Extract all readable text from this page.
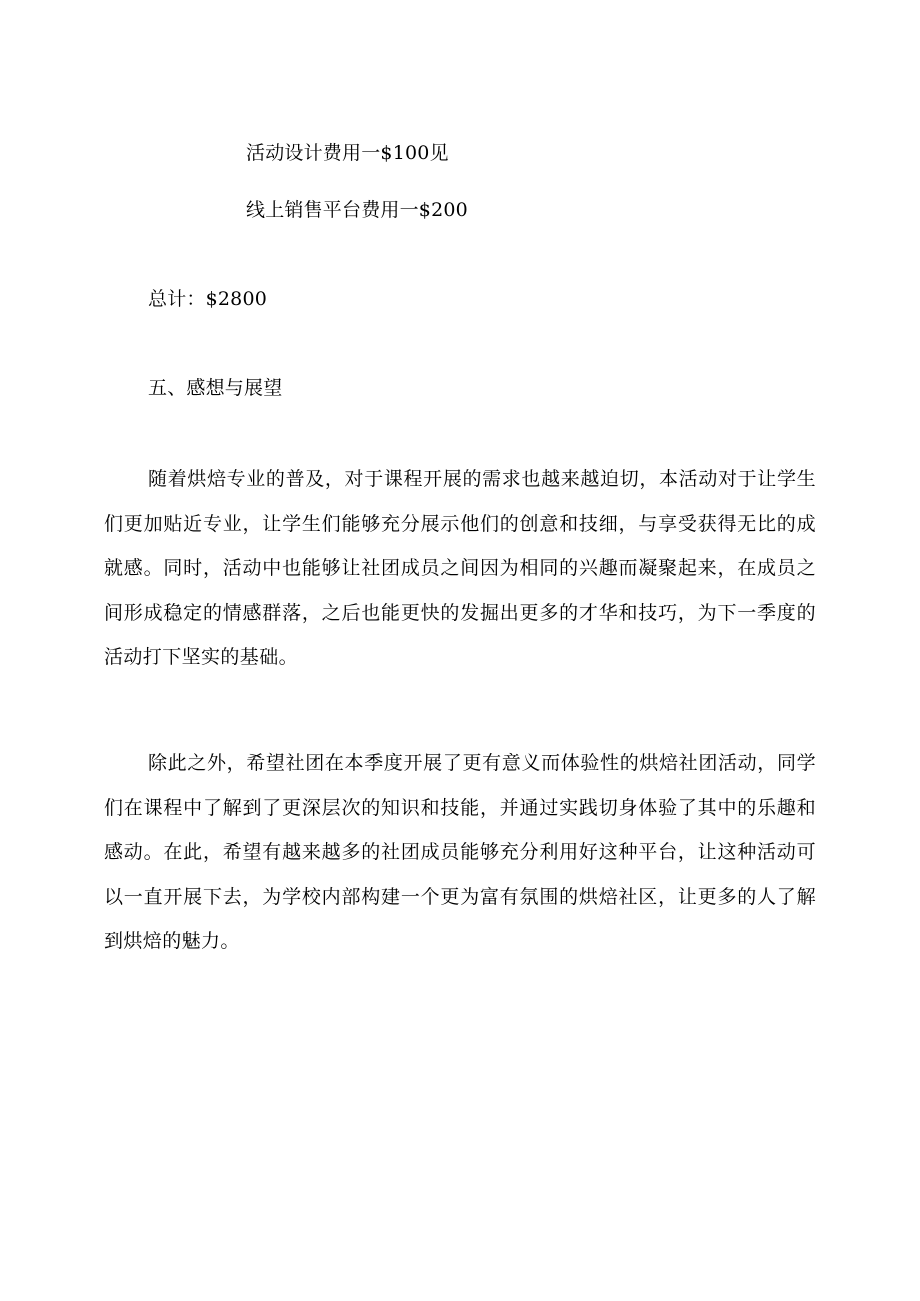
活动设计费用一$100见
线上销售平台费用一$200
总计：$2800
五、感想与展望
随着烘焙专业的普及，对于课程开展的需求也越来越迫切，本活动对于让学生们更加贴近专业，让学生们能够充分展示他们的创意和技细，与享受获得无比的成就感。同时，活动中也能够让社团成员之间因为相同的兴趣而凝聚起来，在成员之间形成稳定的情感群落，之后也能更快的发掘出更多的才华和技巧，为下一季度的活动打下坚实的基础。
除此之外，希望社团在本季度开展了更有意义而体验性的烘焙社团活动，同学们在课程中了解到了更深层次的知识和技能，并通过实践切身体验了其中的乐趣和感动。在此，希望有越来越多的社团成员能够充分利用好这种平台，让这种活动可以一直开展下去，为学校内部构建一个更为富有氛围的烘焙社区，让更多的人了解到烘焙的魅力。
